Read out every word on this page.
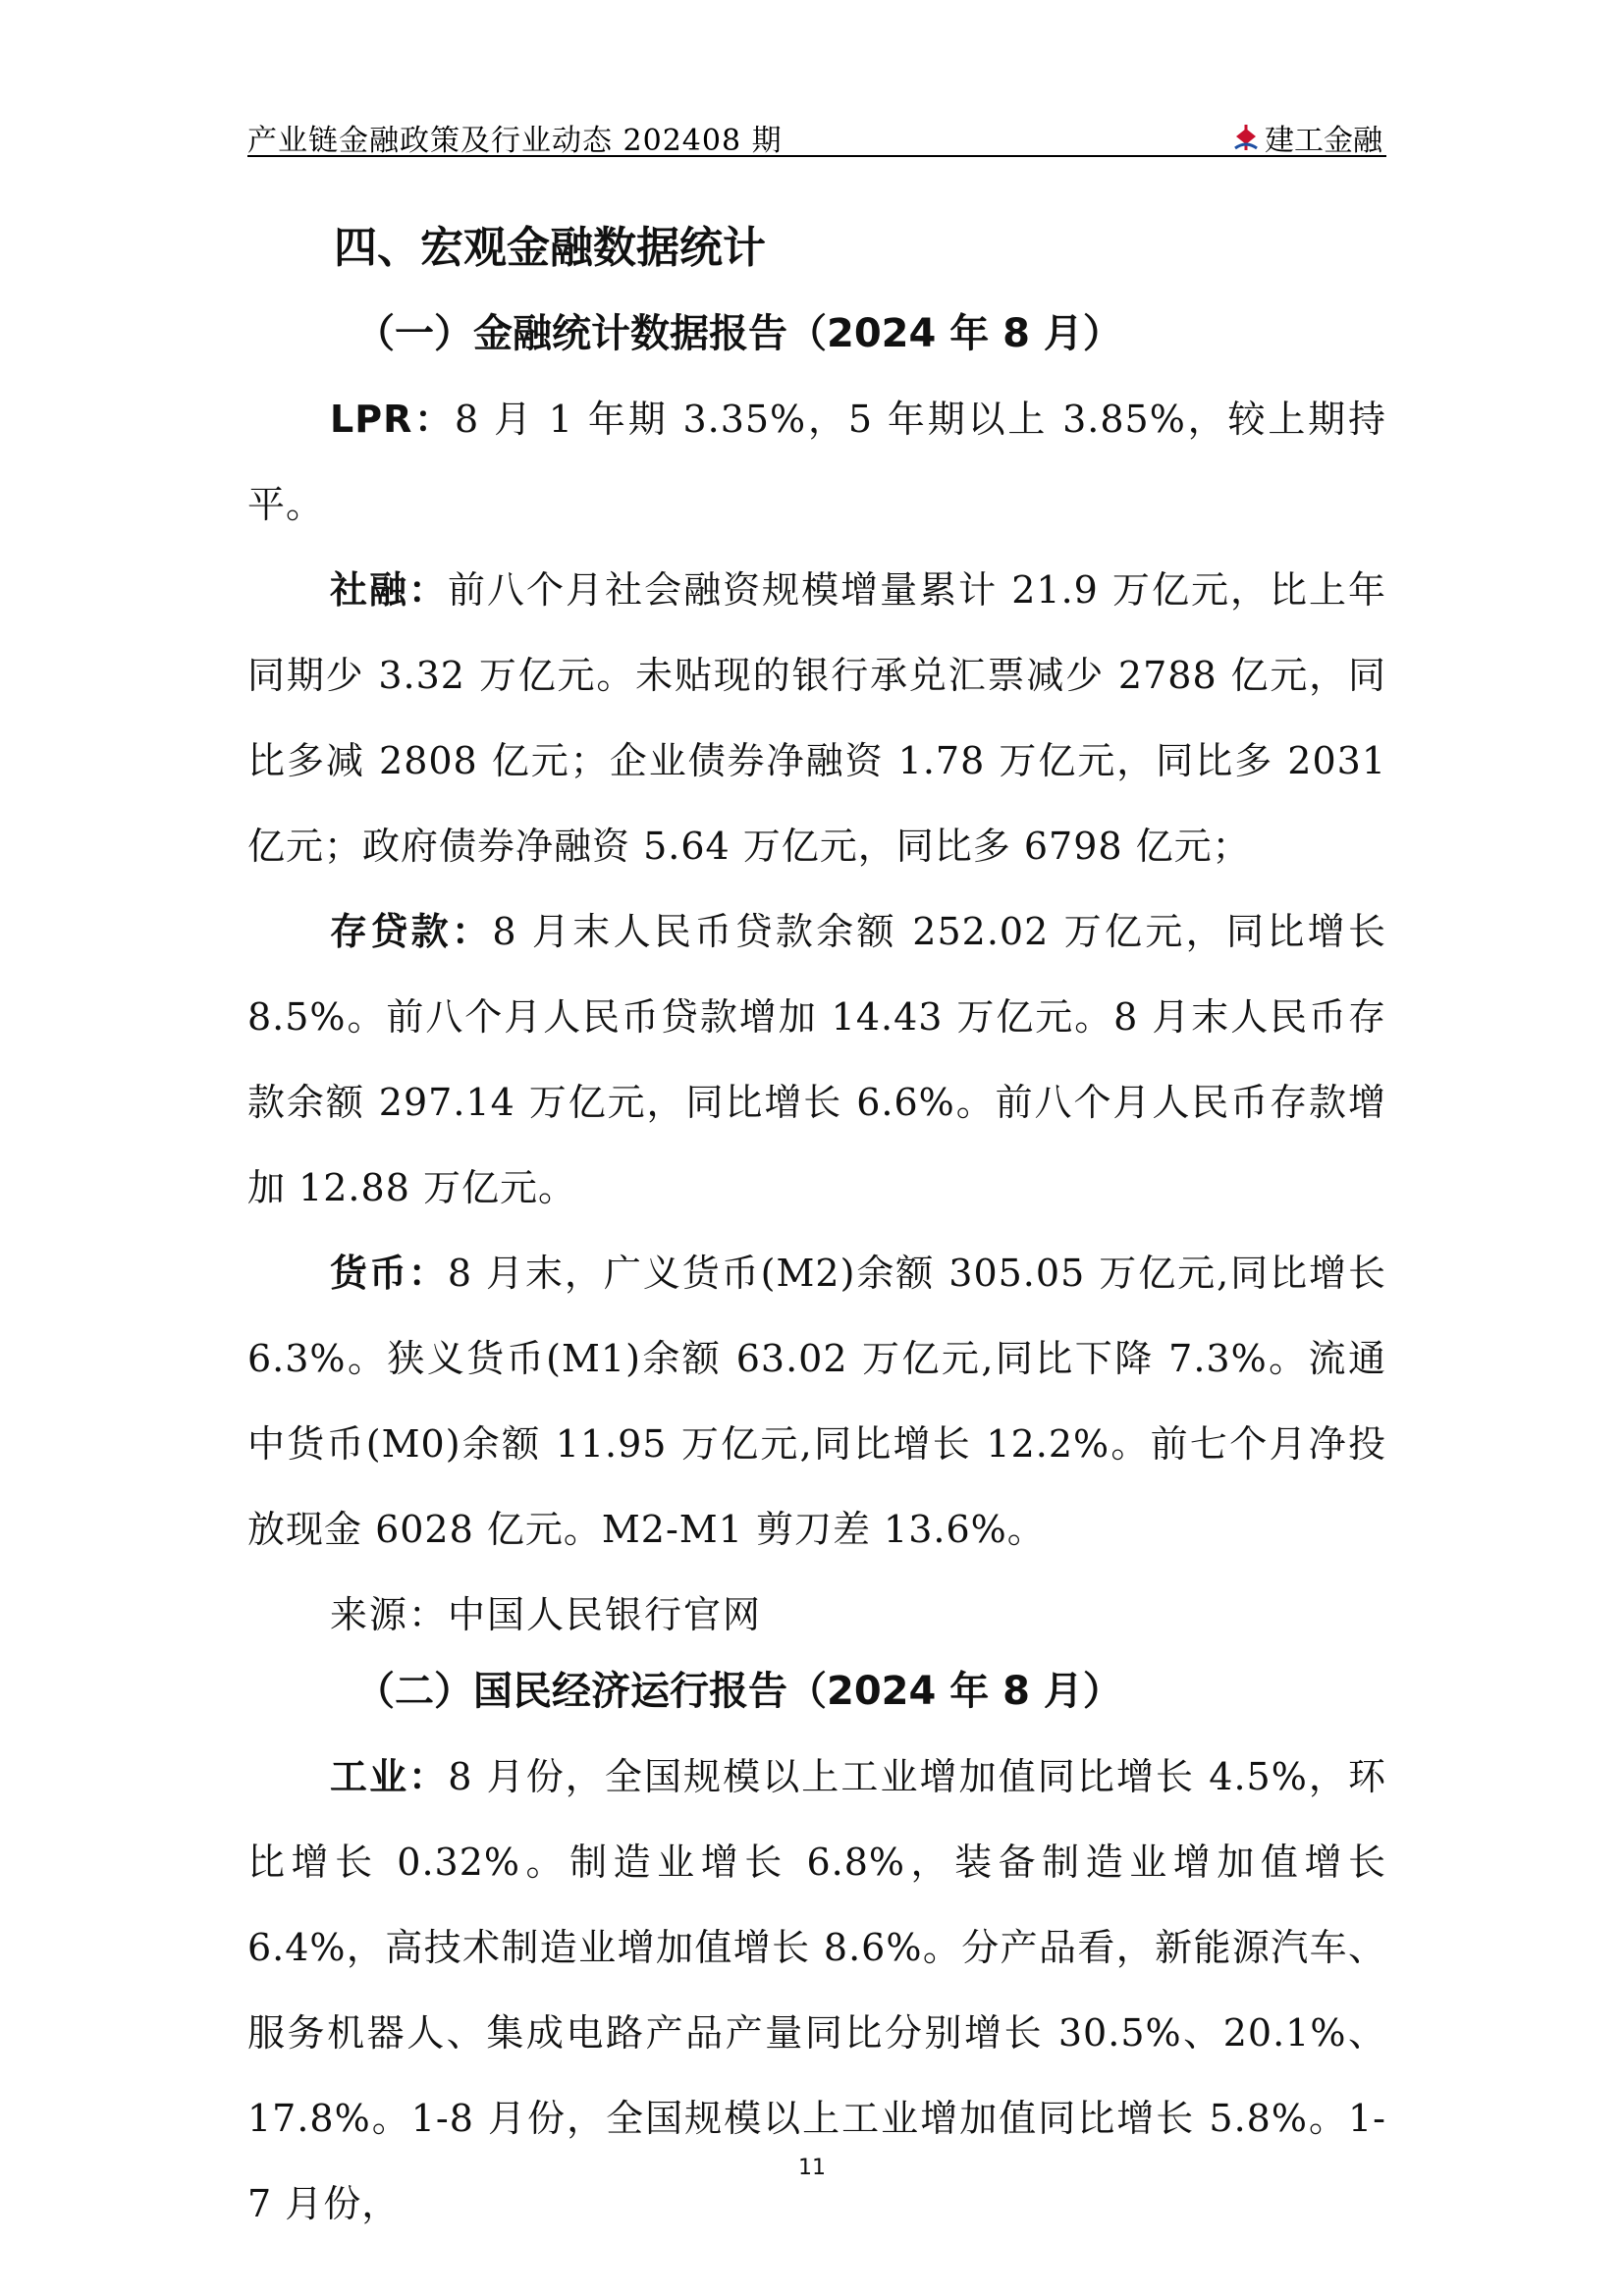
产业链金融政策及行业动态 202408 期	建工金融
四、宏观金融数据统计
（一）金融统计数据报告（2024 年 8 月）

LPR：8 月 1 年期 3.35%，5 年期以上 3.85%，较上期持平。

社融：前八个月社会融资规模增量累计 21.9 万亿元，比上年同期少 3.32 万亿元。未贴现的银行承兑汇票减少 2788 亿元，同比多减 2808 亿元；企业债券净融资 1.78 万亿元，同比多 2031 亿元；政府债券净融资 5.64 万亿元，同比多 6798 亿元；

存贷款：8 月末人民币贷款余额 252.02 万亿元，同比增长 8.5%。前八个月人民币贷款增加 14.43 万亿元。8 月末人民币存款余额 297.14 万亿元，同比增长 6.6%。前八个月人民币存款增加 12.88 万亿元。

货币：8 月末，广义货币(M2)余额 305.05 万亿元,同比增长 6.3%。狭义货币(M1)余额 63.02 万亿元,同比下降 7.3%。流通中货币(M0)余额 11.95 万亿元,同比增长 12.2%。前七个月净投放现金 6028 亿元。M2-M1 剪刀差 13.6%。

来源：中国人民银行官网

（二）国民经济运行报告（2024 年 8 月）

工业：8 月份，全国规模以上工业增加值同比增长 4.5%，环比增长 0.32%。制造业增长 6.8%，装备制造业增加值增长 6.4%，高技术制造业增加值增长 8.6%。分产品看，新能源汽车、服务机器人、集成电路产品产量同比分别增长 30.5%、20.1%、17.8%。1-8 月份，全国规模以上工业增加值同比增长 5.8%。1-7 月份，

11
